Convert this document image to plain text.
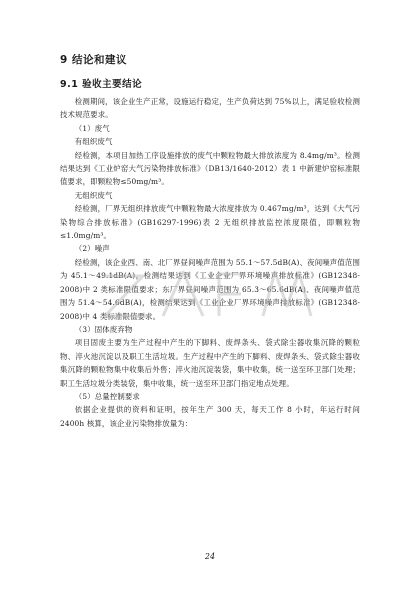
9 结论和建议
9.1 验收主要结论

检测期间，该企业生产正常，设施运行稳定，生产负荷达到 75%以上，满足验收检测技术规范要求。

（1）废气

有组织废气

经检测，本项目加热工序设施排放的废气中颗粒物最大排放浓度为 8.4mg/m³。检测结果达到《工业炉窑大气污染物排放标准》（DB13/1640-2012）表 1 中新建炉窑标准限值要求，即颗粒物≤50mg/m³。

无组织废气

经检测，厂界无组织排放废气中颗粒物最大浓度排放为 0.467mg/m³，达到《大气污染物综合排放标准》(GB16297-1996)表 2 无组织排放监控浓度限值，即颗粒物≤1.0mg/m³。

（2）噪声

经检测，该企业西、南、北厂界昼间噪声范围为 55.1～57.5dB(A)、夜间噪声值范围为 45.1～49.1dB(A)，检测结果达到《工业企业厂界环境噪声排放标准》(GB12348-2008)中 2 类标准限值要求；东厂界昼间噪声范围为 65.3～65.6dB(A)、夜间噪声值范围为 51.4～54.6dB(A)，检测结果达到《工业企业厂界环境噪声排放标准》(GB12348-2008)中 4 类标准限值要求。

（3）固体废弃物

项目固废主要为生产过程中产生的下脚料、废焊条头、袋式除尘器收集沉降的颗粒物、淬火池沉淀以及职工生活垃圾。生产过程中产生的下脚料、废焊条头、袋式除尘器收集沉降的颗粒物集中收集后外售；淬火池沉淀装袋，集中收集，统一送至环卫部门处理；职工生活垃圾分类装袋，集中收集，统一送至环卫部门指定地点处理。

（5）总量控制要求

依据企业提供的资料和证明，按年生产 300 天，每天工作 8 小时，年运行时间 2400h 核算，该企业污染物排放量为：

24
